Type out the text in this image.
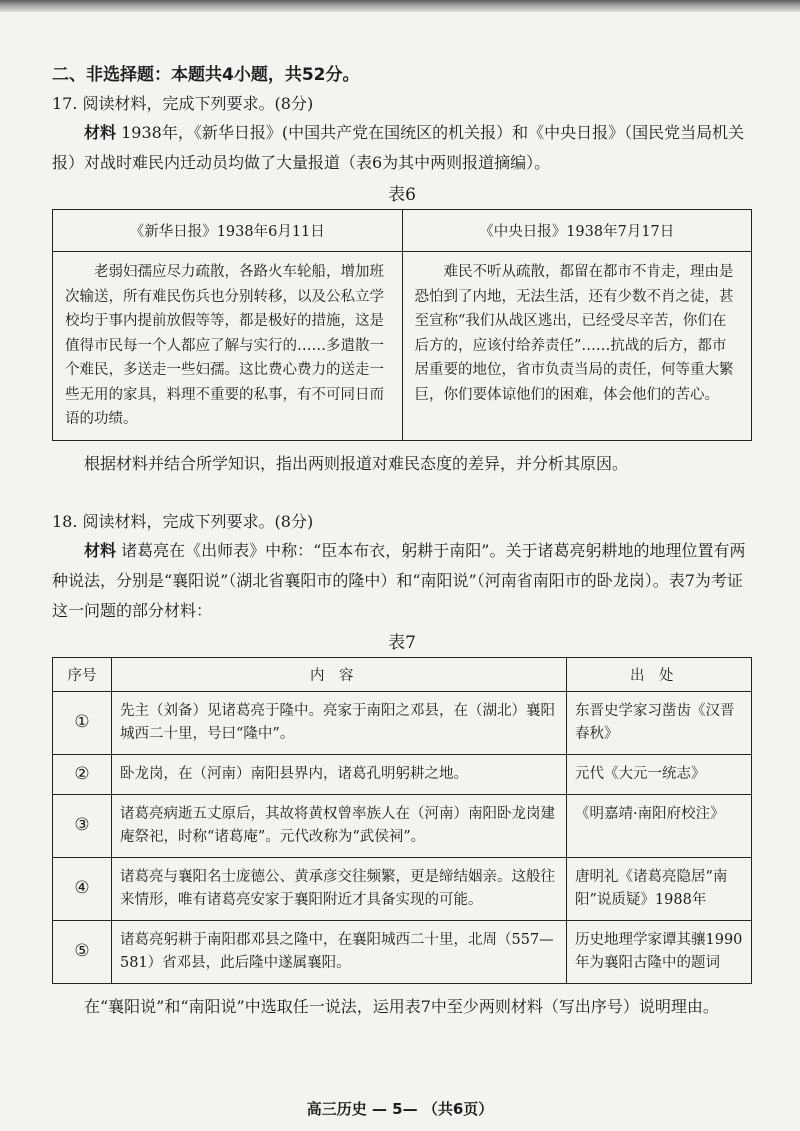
二、非选择题：本题共4小题，共52分。
17. 阅读材料，完成下列要求。(8分)

材料 1938年，《新华日报》(中国共产党在国统区的机关报）和《中央日报》（国民党当局机关报）对战时难民内迁动员均做了大量报道（表6为其中两则报道摘编）。

表6
《新华日报》1938年6月11日	《中央日报》1938年7月17日
老弱妇孺应尽力疏散，各路火车轮船，增加班次输送，所有难民伤兵也分别转移，以及公私立学校均于事内提前放假等等，都是极好的措施，这是值得市民每一个人都应了解与实行的……多遣散一个难民，多送走一些妇孺。这比费心费力的送走一些无用的家具，料理不重要的私事，有不可同日而语的功绩。	难民不听从疏散，都留在都市不肯走，理由是恐怕到了内地，无法生活，还有少数不肖之徒，甚至宣称“我们从战区逃出，已经受尽辛苦，你们在后方的，应该付给养责任”……抗战的后方，都市居重要的地位，省市负责当局的责任，何等重大繁巨，你们要体谅他们的困难，体会他们的苦心。

根据材料并结合所学知识，指出两则报道对难民态度的差异，并分析其原因。

18. 阅读材料，完成下列要求。(8分)

材料 诸葛亮在《出师表》中称：“臣本布衣，躬耕于南阳”。关于诸葛亮躬耕地的地理位置有两种说法，分别是“襄阳说”（湖北省襄阳市的隆中）和“南阳说”（河南省南阳市的卧龙岗）。表7为考证这一问题的部分材料：

表7
序号	内容	出处
①	先主（刘备）见诸葛亮于隆中。亮家于南阳之邓县，在（湖北）襄阳城西二十里，号曰“隆中”。	东晋史学家习凿齿《汉晋春秋》
②	卧龙岗，在（河南）南阳县界内，诸葛孔明躬耕之地。	元代《大元一统志》
③	诸葛亮病逝五丈原后，其故将黄权曾率族人在（河南）南阳卧龙岗建庵祭祀，时称“诸葛庵”。元代改称为“武侯祠”。	《明嘉靖·南阳府校注》
④	诸葛亮与襄阳名士庞德公、黄承彦交往频繁，更是缔结姻亲。这般往来情形，唯有诸葛亮安家于襄阳附近才具备实现的可能。	唐明礼《诸葛亮隐居“南阳”说质疑》1988年
⑤	诸葛亮躬耕于南阳郡邓县之隆中，在襄阳城西二十里，北周（557—581）省邓县，此后隆中遂属襄阳。	历史地理学家谭其骧1990年为襄阳古隆中的题词

在“襄阳说”和“南阳说”中选取任一说法，运用表7中至少两则材料（写出序号）说明理由。

高三历史 — 5— （共6页）
